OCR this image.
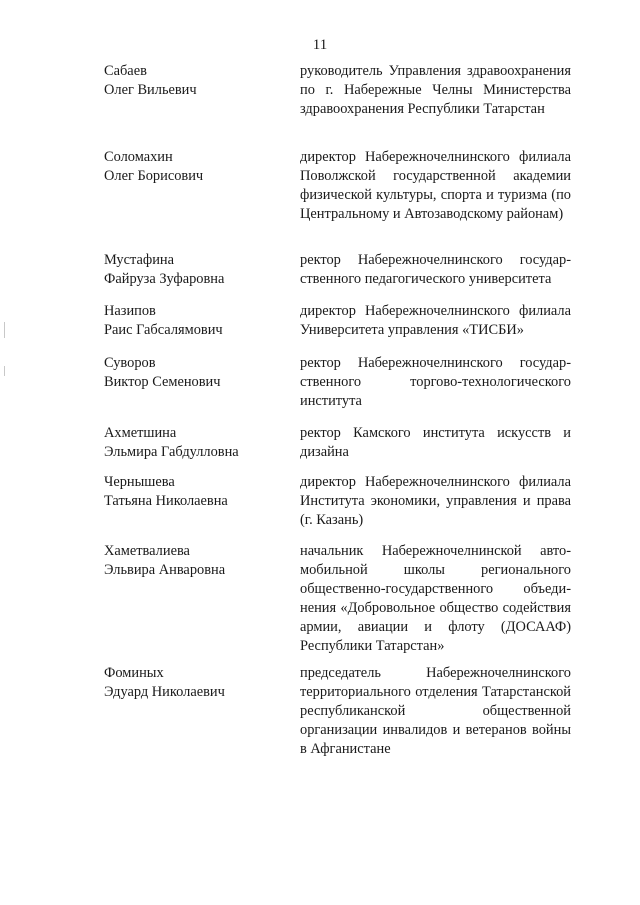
11
Сабаев
Олег Вильевич
руководитель Управления здравоохранения по г. Набережные Челны Министерства здравоохранения Республики Татарстан
Соломахин
Олег Борисович
директор Набережночелнинского филиала Поволжской государственной академии физической культуры, спорта и туризма (по Центральному и Автозаводскому районам)
Мустафина
Файруза Зуфаровна
ректор Набережночелнинского государственного педагогического университета
Назипов
Раис Габсалямович
директор Набережночелнинского филиала Университета управления «ТИСБИ»
Суворов
Виктор Семенович
ректор Набережночелнинского государственного торгово-технологического института
Ахметшина
Эльмира Габдулловна
ректор Камского института искусств и дизайна
Чернышева
Татьяна Николаевна
директор Набережночелнинского филиала Института экономики, управления и права (г. Казань)
Хаметвалиева
Эльвира Анваровна
начальник Набережночелнинской автомобильной школы регионального общественно-государственного объединения «Добровольное общество содействия армии, авиации и флоту (ДОСААФ) Республики Татарстан»
Фоминых
Эдуард Николаевич
председатель Набережночелнинского территориального отделения Татарстанской республиканской общественной организации инвалидов и ветеранов войны в Афганистане
